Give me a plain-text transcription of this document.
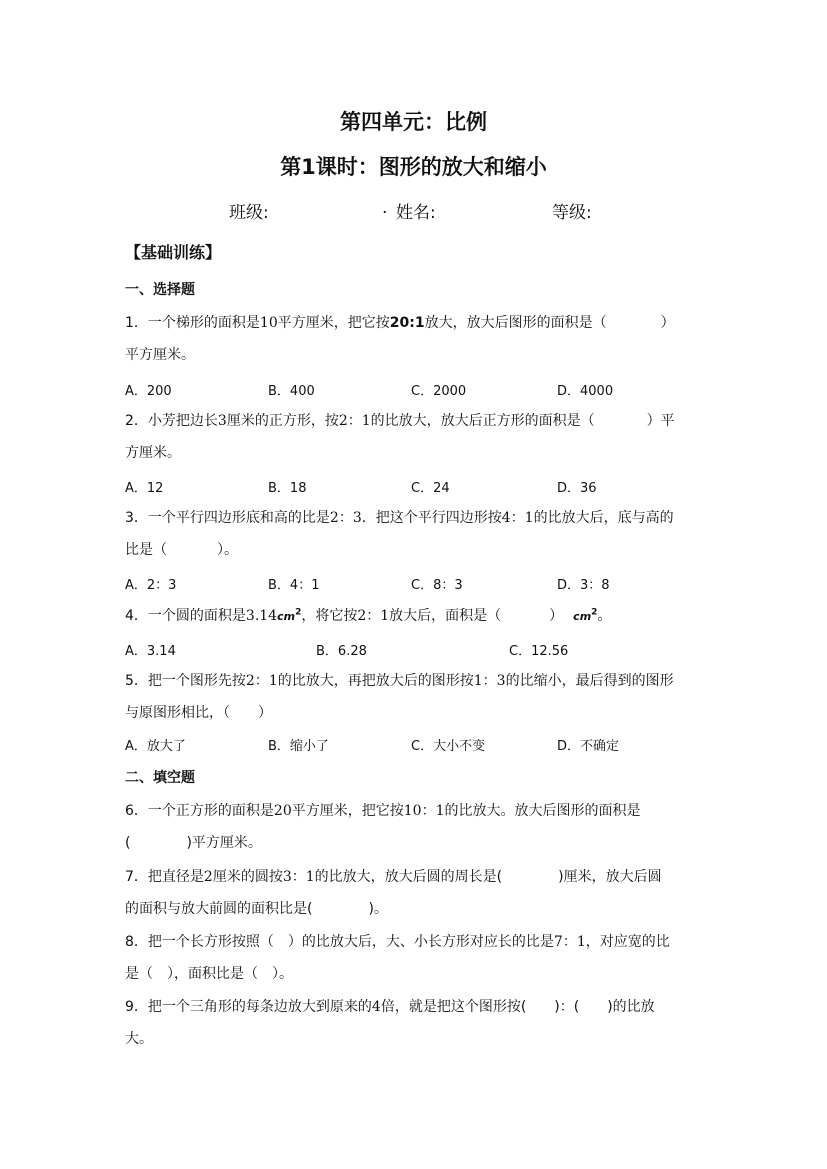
第四单元：比例
第1课时：图形的放大和缩小
班级:	. 姓名:	等级:
【基础训练】
一、选择题
1．一个梯形的面积是10平方厘米，把它按20:1放大，放大后图形的面积是（	）
平方厘米。
A．200	B．400	C．2000	D．4000
2．小芳把边长3厘米的正方形，按2：1的比放大，放大后正方形的面积是（	）平
方厘米。
A．12	B．18	C．24	D．36
3．一个平行四边形底和高的比是2：3．把这个平行四边形按4：1的比放大后，底与高的
比是（	）。
A．2：3	B．4：1	C．8：3	D．3：8
4．一个圆的面积是$3.14cm^2$，将它按2：1放大后，面积是（	） $cm^2$。
A．3.14	B．6.28	C．12.56
5．把一个图形先按2：1的比放大，再把放大后的图形按1：3的比缩小，最后得到的图形
与原图形相比，（　　）
A．放大了	B．缩小了	C．大小不变	D．不确定
二、填空题
6．一个正方形的面积是20平方厘米，把它按10：1的比放大。放大后图形的面积是
(　　　　)平方厘米。
7．把直径是2厘米的圆按3：1的比放大，放大后圆的周长是(　　　　)厘米，放大后圆
的面积与放大前圆的面积比是(　　　　)。
8．把一个长方形按照（　）的比放大后，大、小长方形对应长的比是7：1，对应宽的比
是（　），面积比是（　）。
9．把一个三角形的每条边放大到原来的4倍，就是把这个图形按(　　)：(　　)的比放
大。
